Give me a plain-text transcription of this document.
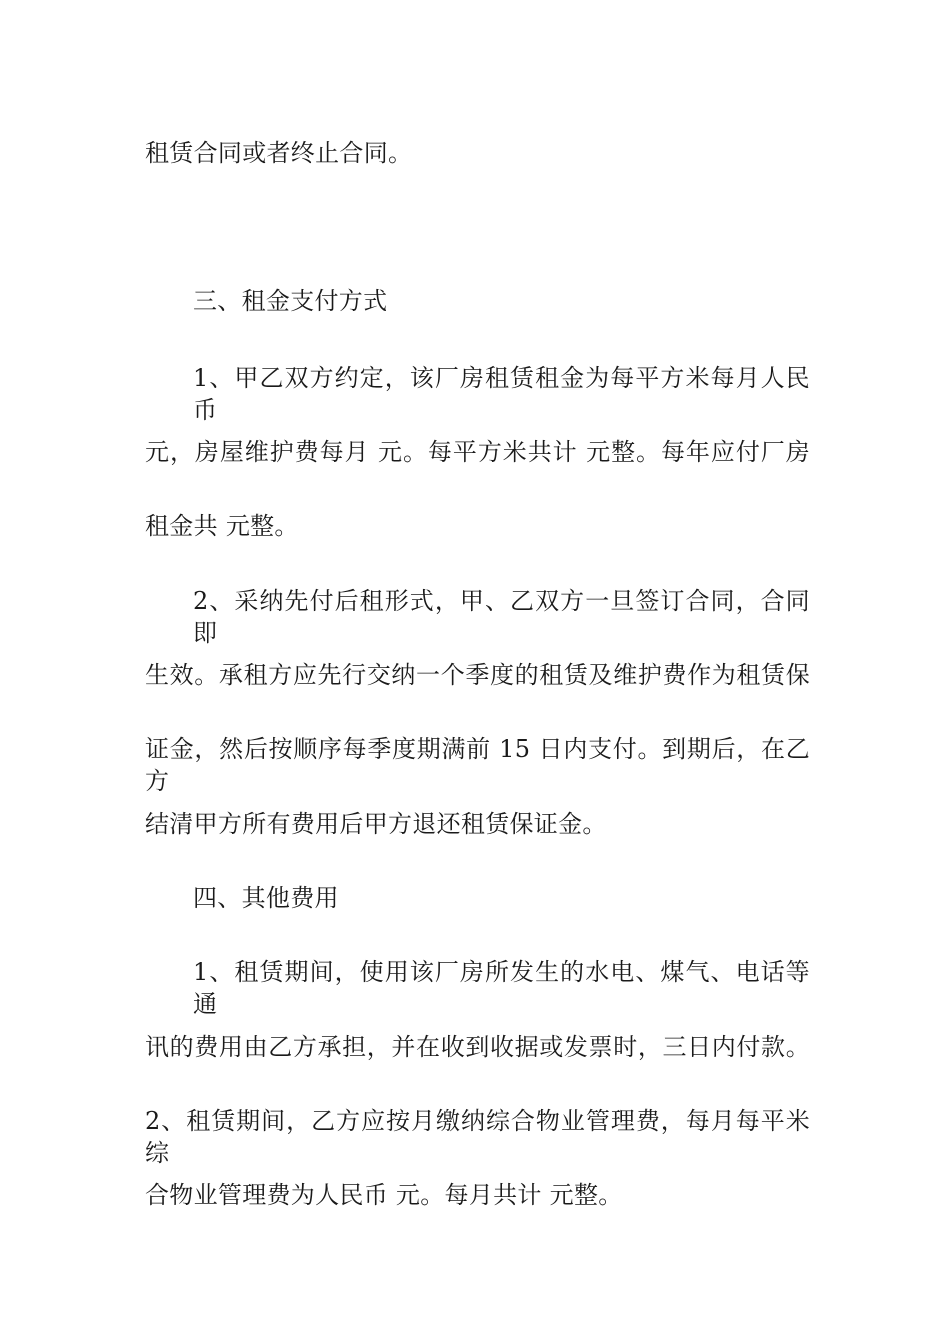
租赁合同或者终止合同。
三、租金支付方式
1、甲乙双方约定，该厂房租赁租金为每平方米每月人民币
元，房屋维护费每月 元。每平方米共计 元整。每年应付厂房
租金共 元整。
2、采纳先付后租形式，甲、乙双方一旦签订合同，合同即
生效。承租方应先行交纳一个季度的租赁及维护费作为租赁保
证金，然后按顺序每季度期满前 15 日内支付。到期后，在乙方
结清甲方所有费用后甲方退还租赁保证金。
四、其他费用
1、租赁期间，使用该厂房所发生的水电、煤气、电话等通
讯的费用由乙方承担，并在收到收据或发票时，三日内付款。
2、租赁期间，乙方应按月缴纳综合物业管理费，每月每平米综
合物业管理费为人民币 元。每月共计 元整。
